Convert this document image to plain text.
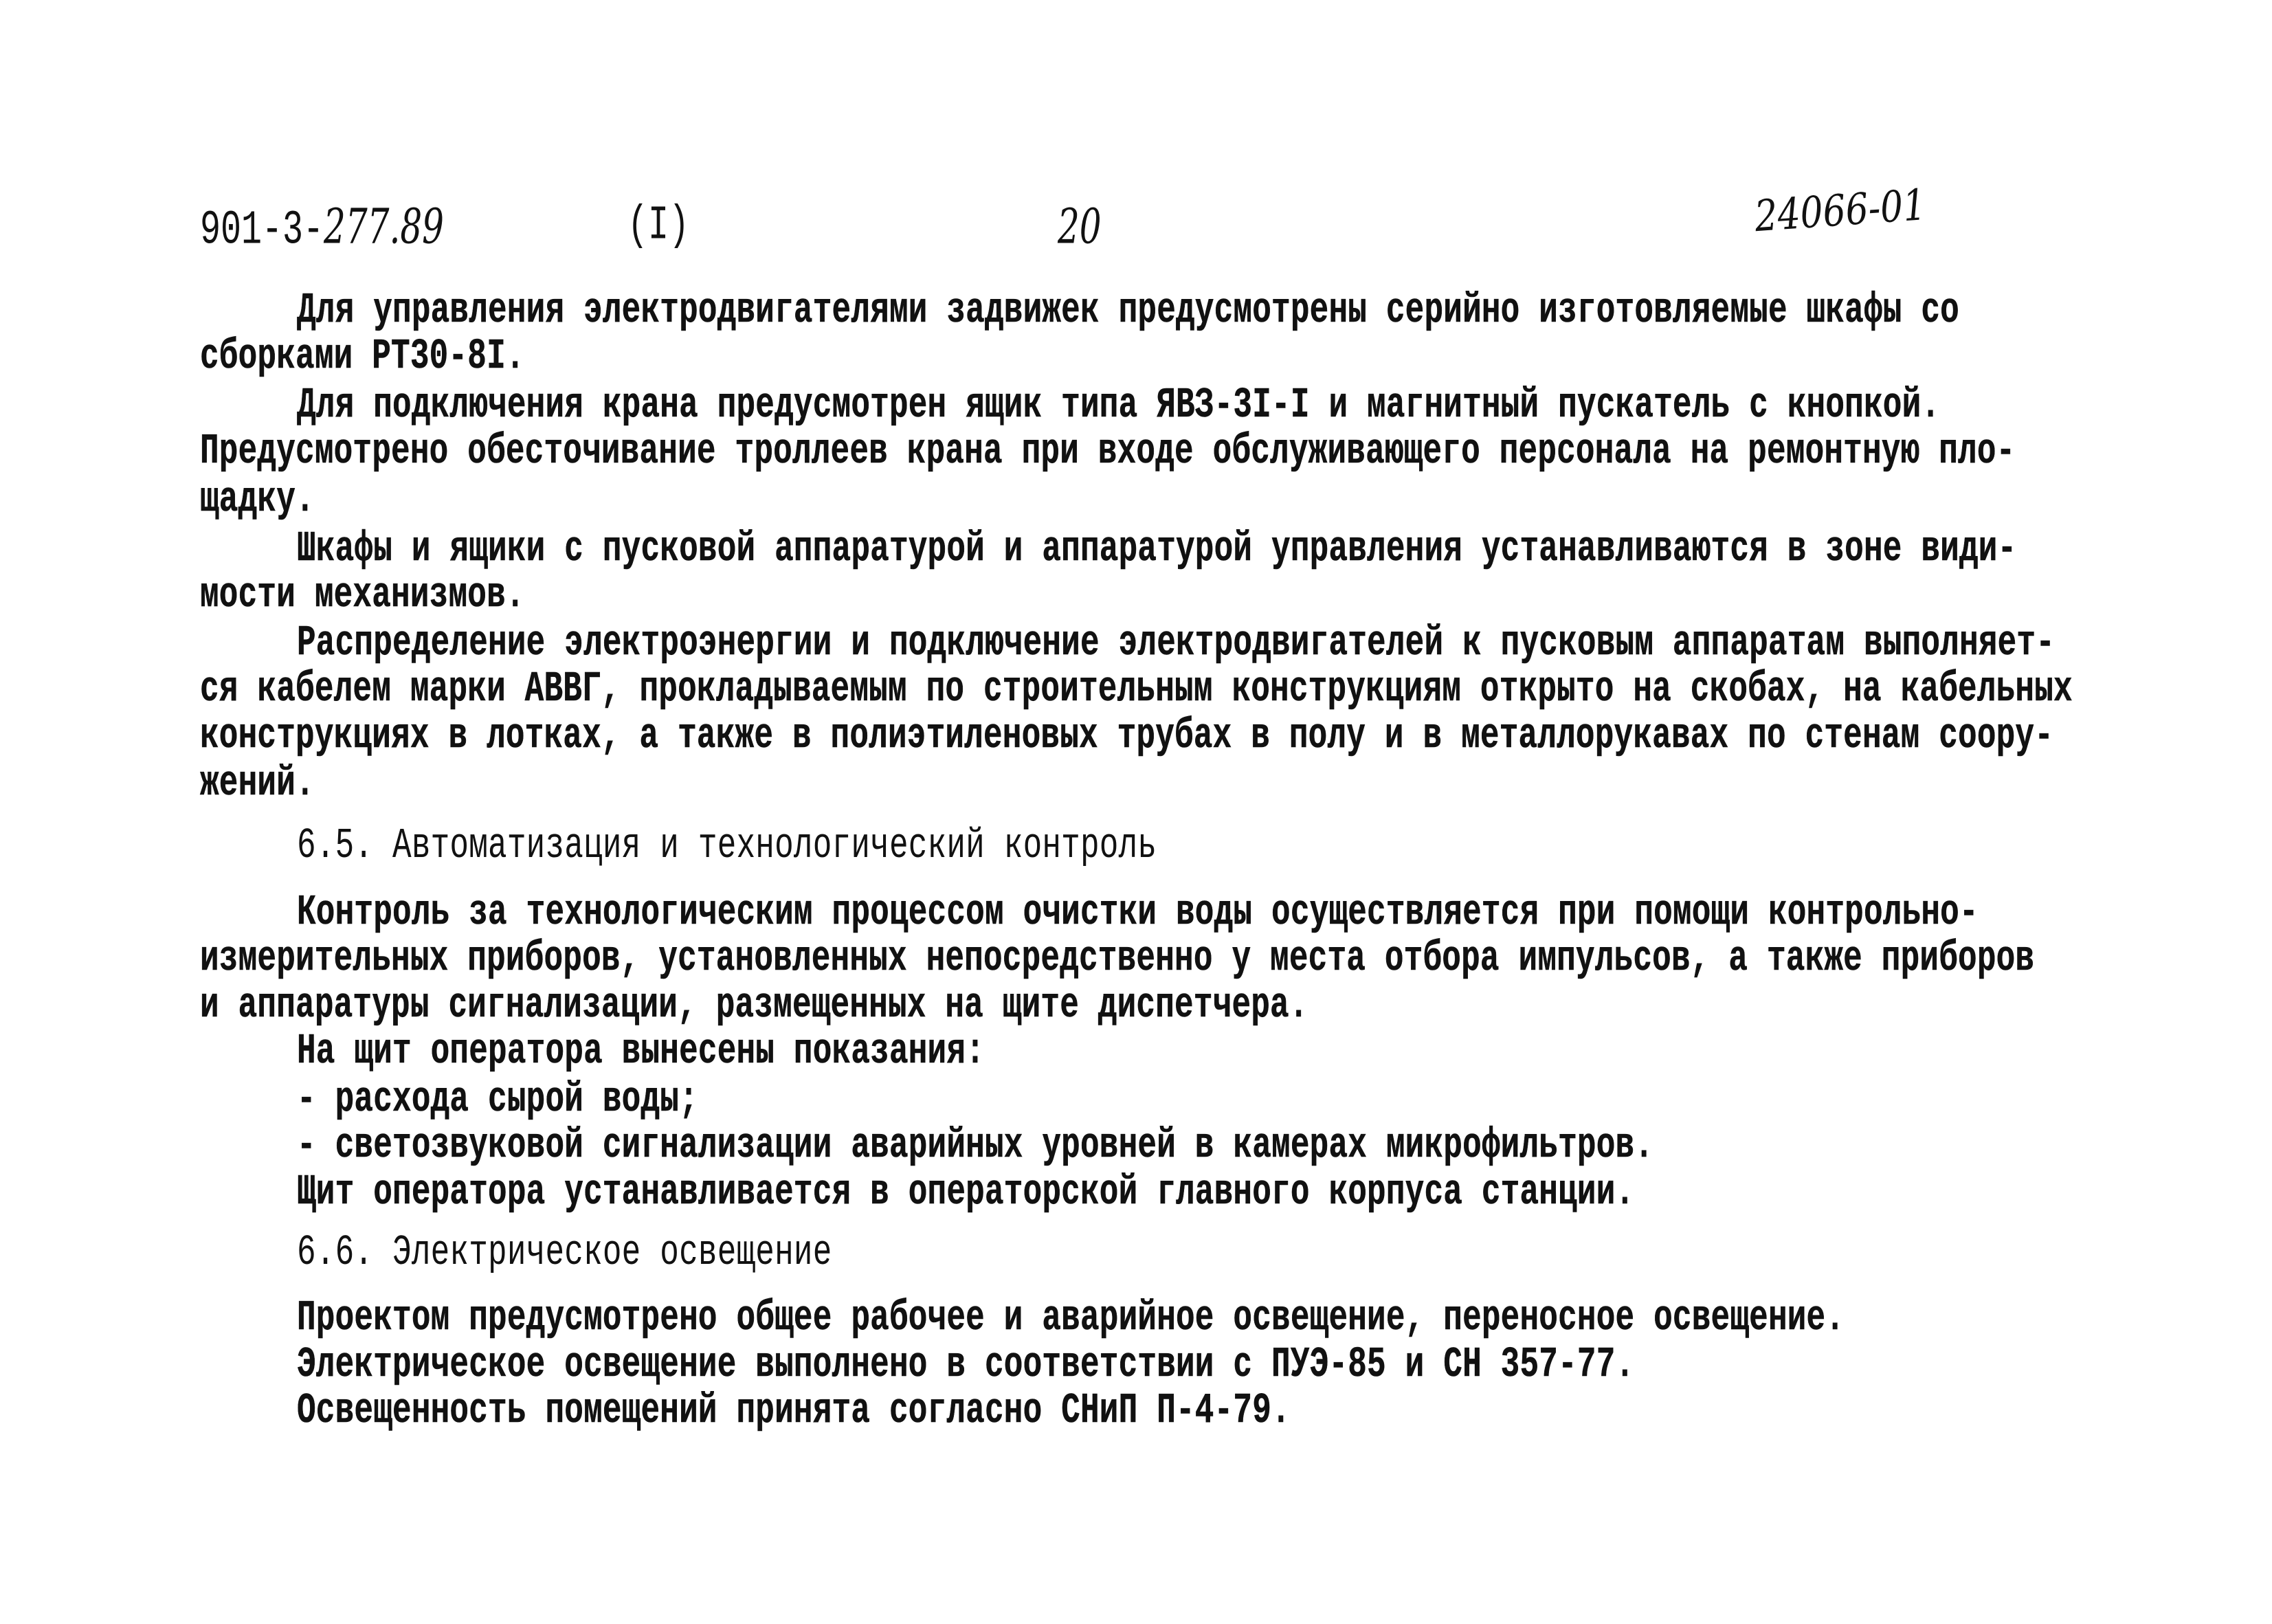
901-3-277.89	(I)	20	24066-01
Для управления электродвигателями задвижек предусмотрены серийно изготовляемые шкафы со
сборками РТ30-8I.
Для подключения крана предусмотрен ящик типа ЯВЗ-3I-I и магнитный пускатель с кнопкой.
Предусмотрено обесточивание троллеев крана при входе обслуживающего персонала на ремонтную пло-
щадку.
Шкафы и ящики с пусковой аппаратурой и аппаратурой управления устанавливаются в зоне види-
мости механизмов.
Распределение электроэнергии и подключение электродвигателей к пусковым аппаратам выполняет-
ся кабелем марки АВВГ, прокладываемым по строительным конструкциям открыто на скобах, на кабельных
конструкциях в лотках, а также в полиэтиленовых трубах в полу и в металлорукавах по стенам соору-
жений.
6.5. Автоматизация и технологический контроль
Контроль за технологическим процессом очистки воды осуществляется при помощи контрольно-
измерительных приборов, установленных непосредственно у места отбора импульсов, а также приборов
и аппаратуры сигнализации, размещенных на щите диспетчера.
На щит оператора вынесены показания:
- расхода сырой воды;
- светозвуковой сигнализации аварийных уровней в камерах микрофильтров.
Щит оператора устанавливается в операторской главного корпуса станции.
6.6. Электрическое освещение
Проектом предусмотрено общее рабочее и аварийное освещение, переносное освещение.
Электрическое освещение выполнено в соответствии с ПУЭ-85 и СН 357-77.
Освещенность помещений принята согласно СНиП П-4-79.
